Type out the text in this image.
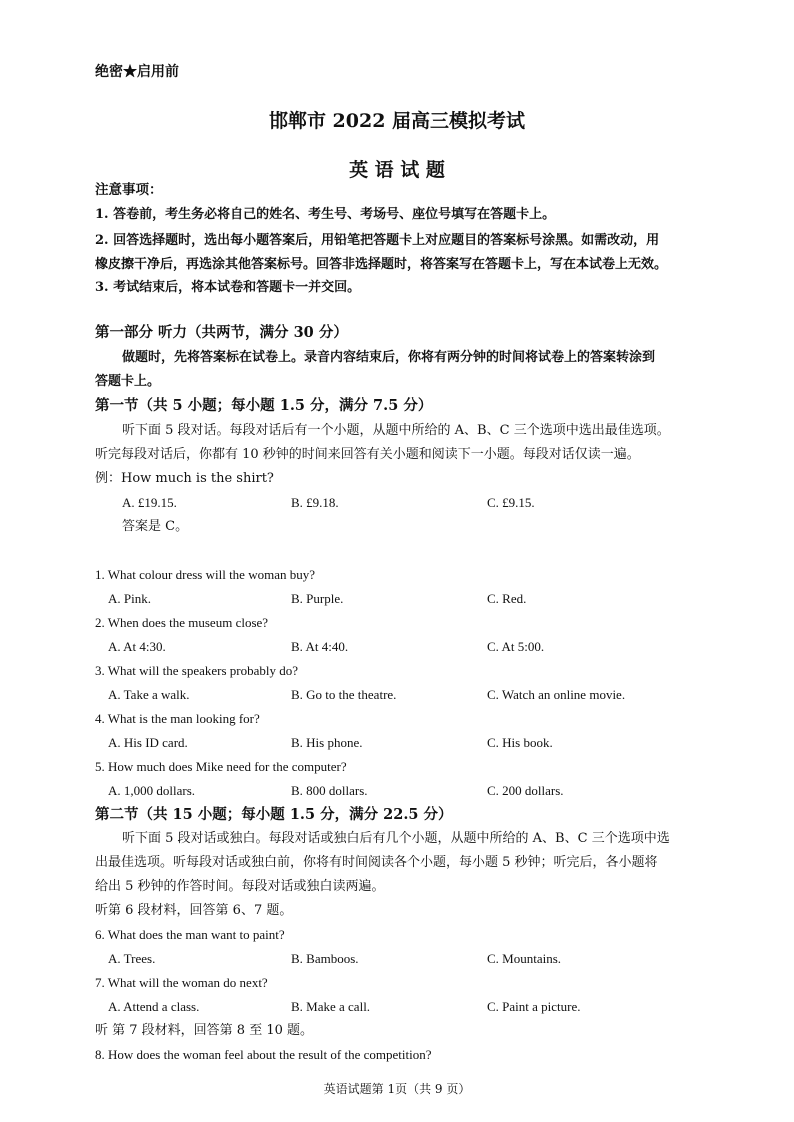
绝密★启用前
邯郸市 2022 届高三模拟考试
英 语 试 题
注意事项：
1. 答卷前，考生务必将自己的姓名、考生号、考场号、座位号填写在答题卡上。
2. 回答选择题时，选出每小题答案后，用铅笔把答题卡上对应题目的答案标号涂黑。如需改动，用
橡皮擦干净后，再选涂其他答案标号。回答非选择题时，将答案写在答题卡上，写在本试卷上无效。
3. 考试结束后，将本试卷和答题卡一并交回。
第一部分 听力（共两节，满分 30 分）
做题时，先将答案标在试卷上。录音内容结束后，你将有两分钟的时间将试卷上的答案转涂到
答题卡上。
第一节（共 5 小题；每小题 1.5 分，满分 7.5 分）
听下面 5 段对话。每段对话后有一个小题，从题中所给的 A、B、C 三个选项中选出最佳选项。
听完每段对话后，你都有 10 秒钟的时间来回答有关小题和阅读下一小题。每段对话仅读一遍。
例：How much is the shirt?
A. £19.15.	B. £9.18.	C. £9.15.
答案是 C。
1. What colour dress will the woman buy?
A. Pink.	B. Purple.	C. Red.
2. When does the museum close?
A. At 4:30.	B. At 4:40.	C. At 5:00.
3. What will the speakers probably do?
A. Take a walk.	B. Go to the theatre.	C. Watch an online movie.
4. What is the man looking for?
A. His ID card.	B. His phone.	C. His book.
5. How much does Mike need for the computer?
A. 1,000 dollars.	B. 800 dollars.	C. 200 dollars.
第二节（共 15 小题；每小题 1.5 分，满分 22.5 分）
听下面 5 段对话或独白。每段对话或独白后有几个小题，从题中所给的 A、B、C 三个选项中选
出最佳选项。听每段对话或独白前，你将有时间阅读各个小题，每小题 5 秒钟；听完后，各小题将
给出 5 秒钟的作答时间。每段对话或独白读两遍。
听第 6 段材料，回答第 6、7 题。
6. What does the man want to paint?
A. Trees.	B. Bamboos.	C. Mountains.
7. What will the woman do next?
A. Attend a class.	B. Make a call.	C. Paint a picture.
听 第 7 段材料，回答第 8 至 10 题。
8. How does the woman feel about the result of the competition?
英语试题第 1页（共 9 页）
